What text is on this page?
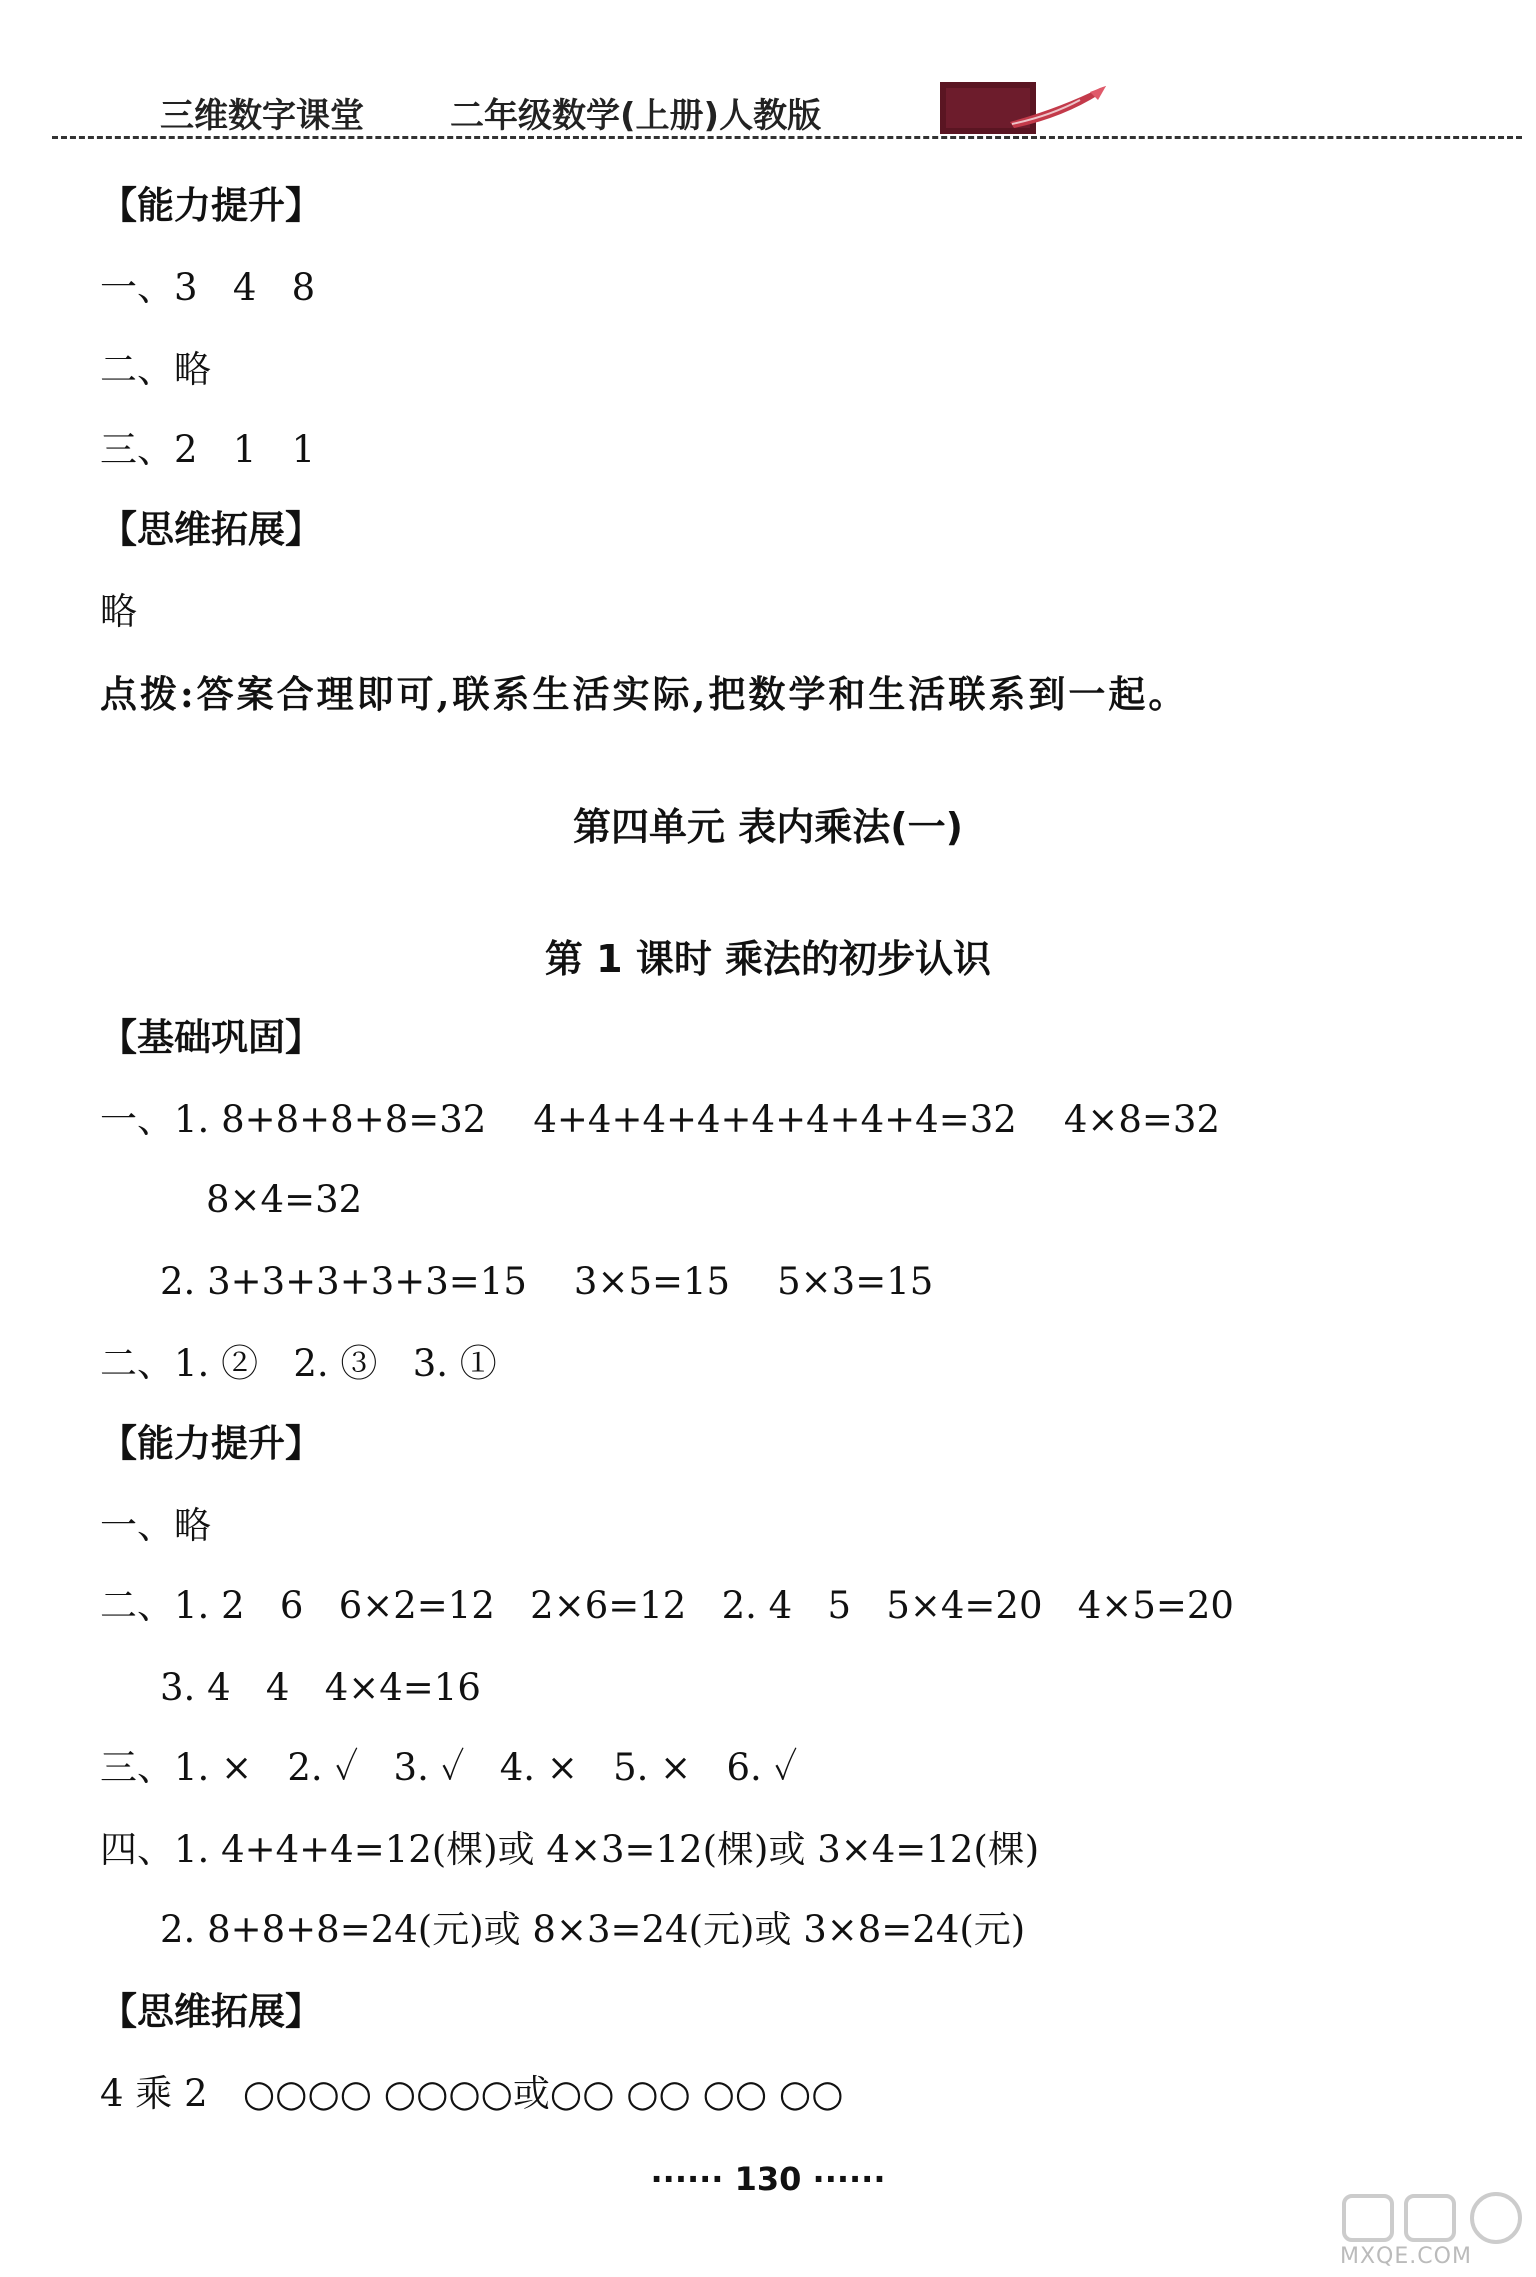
三维数字课堂	二年级数学(上册)人教版
【能力提升】
一、3   4   8
二、略
三、2   1   1
【思维拓展】
略
点拨:答案合理即可,联系生活实际,把数学和生活联系到一起。
第四单元 表内乘法(一)
第 1 课时 乘法的初步认识
【基础巩固】
一、1. 8+8+8+8=32    4+4+4+4+4+4+4+4=32    4×8=32
8×4=32
2. 3+3+3+3+3=15    3×5=15    5×3=15
二、1. ②   2. ③   3. ①
【能力提升】
一、略
二、1. 2   6   6×2=12   2×6=12   2. 4   5   5×4=20   4×5=20
3. 4   4   4×4=16
三、1. ×   2. ✓   3. ✓   4. ×   5. ×   6. ✓
四、1. 4+4+4=12(棵)或 4×3=12(棵)或 3×4=12(棵)
2. 8+8+8=24(元)或 8×3=24(元)或 3×8=24(元)
【思维拓展】
4 乘 2   ○○○○ ○○○○或○○ ○○ ○○ ○○
······ 130 ······
MXQE.COM
